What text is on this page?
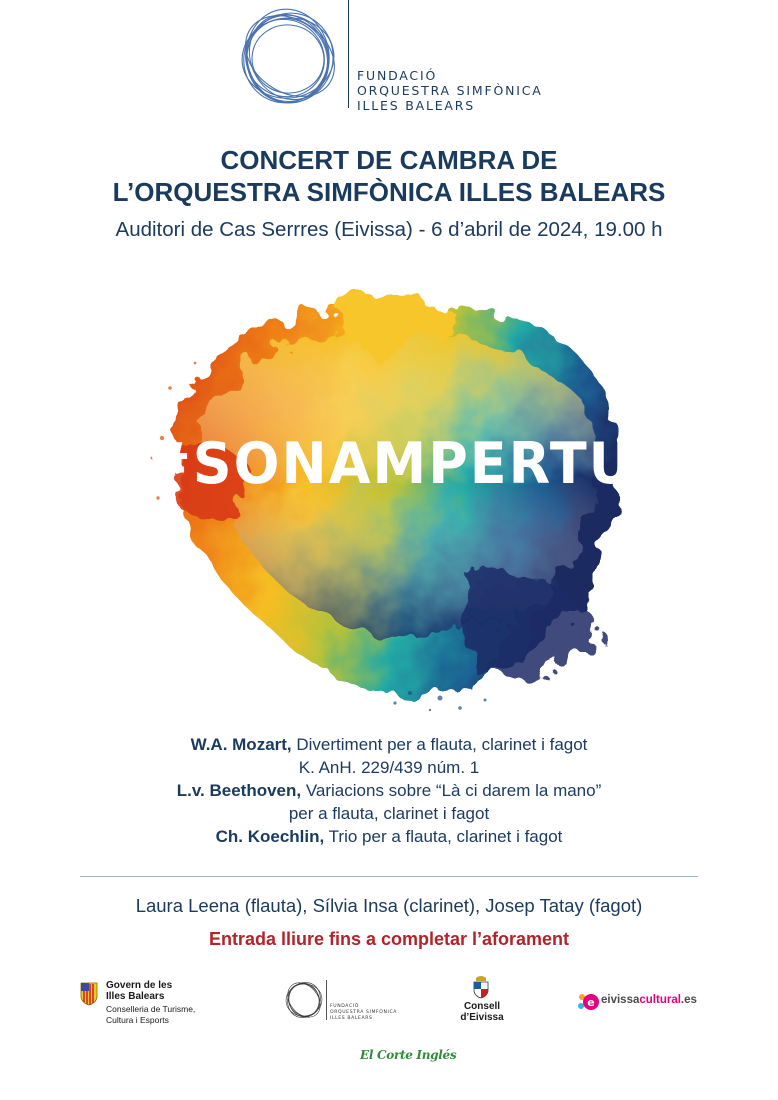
FUNDACIÓ
ORQUESTRA SIMFÒNICA
ILLES BALEARS
CONCERT DE CAMBRA DE
L’ORQUESTRA SIMFÒNICA ILLES BALEARS
Auditori de Cas Serrres (Eivissa) - 6 d’abril de 2024, 19.00 h
#SONAMPERTU
W.A. Mozart, Divertiment per a flauta, clarinet i fagot
K. AnH. 229/439 núm. 1
L.v. Beethoven, Variacions sobre “Là ci darem la mano”
per a flauta, clarinet i fagot
Ch. Koechlin, Trio per a flauta, clarinet i fagot
Laura Leena (flauta), Sílvia Insa (clarinet), Josep Tatay (fagot)
Entrada lliure fins a completar l’aforament
Govern de les
Illes Balears
Conselleria de Turisme,
Cultura i Esports
FUNDACIÓ
ORQUESTRA SIMFÒNICA
ILLES BALEARS
Consell
d’Eivissa
e eivissacultural.es
El Corte Inglés
